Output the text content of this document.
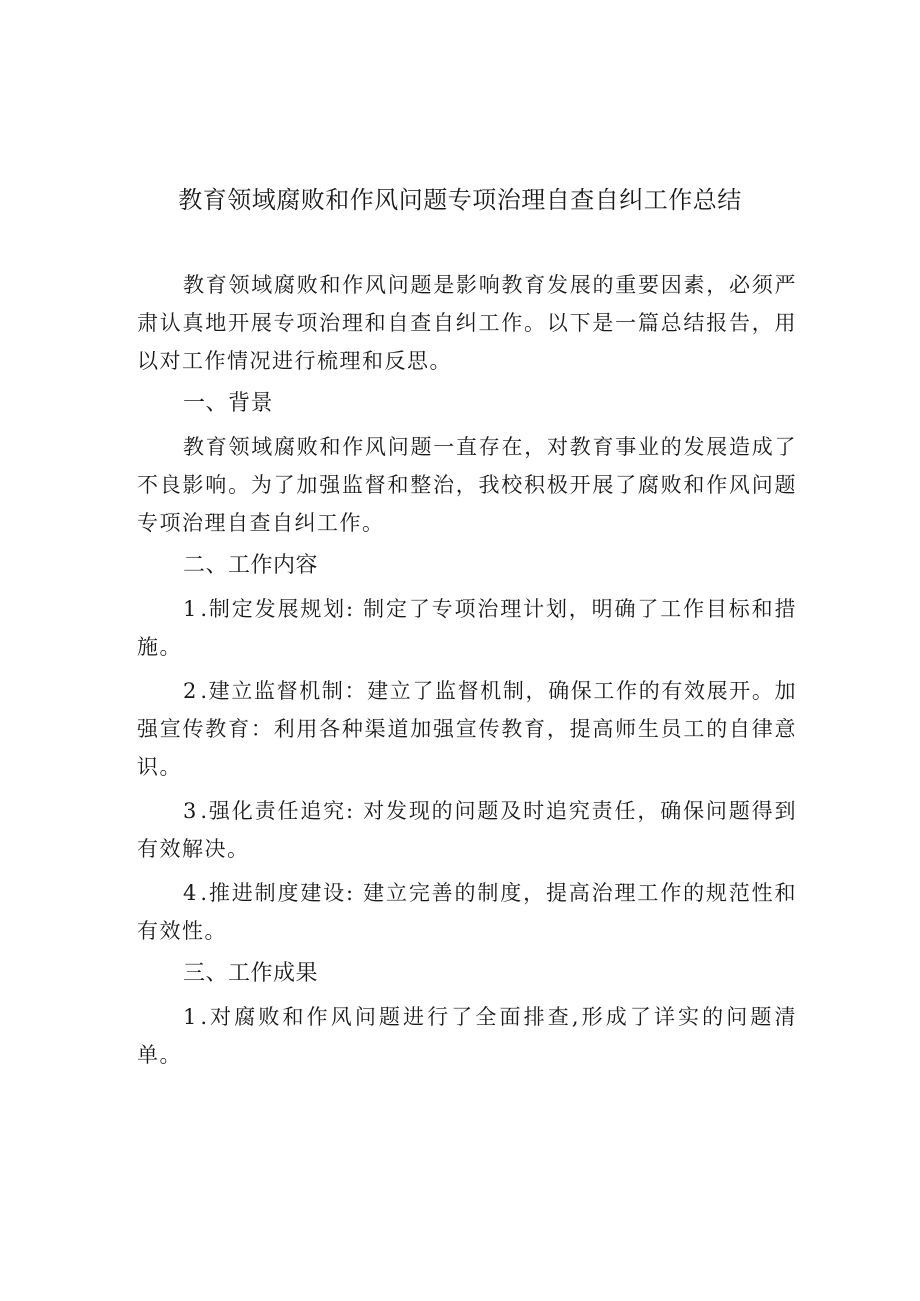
教育领域腐败和作风问题专项治理自查自纠工作总结

教育领域腐败和作风问题是影响教育发展的重要因素，必须严肃认真地开展专项治理和自查自纠工作。以下是一篇总结报告，用以对工作情况进行梳理和反思。

一、背景

教育领域腐败和作风问题一直存在，对教育事业的发展造成了不良影响。为了加强监督和整治，我校积极开展了腐败和作风问题专项治理自查自纠工作。

二、工作内容

1 .制定发展规划: 制定了专项治理计划，明确了工作目标和措施。

2 .建立监督机制：建立了监督机制，确保工作的有效展开。加强宣传教育：利用各种渠道加强宣传教育，提高师生员工的自律意识。

3 .强化责任追究: 对发现的问题及时追究责任，确保问题得到有效解决。

4 .推进制度建设: 建立完善的制度，提高治理工作的规范性和有效性。

三、工作成果

1 .对腐败和作风问题进行了全面排查,形成了详实的问题清单。
